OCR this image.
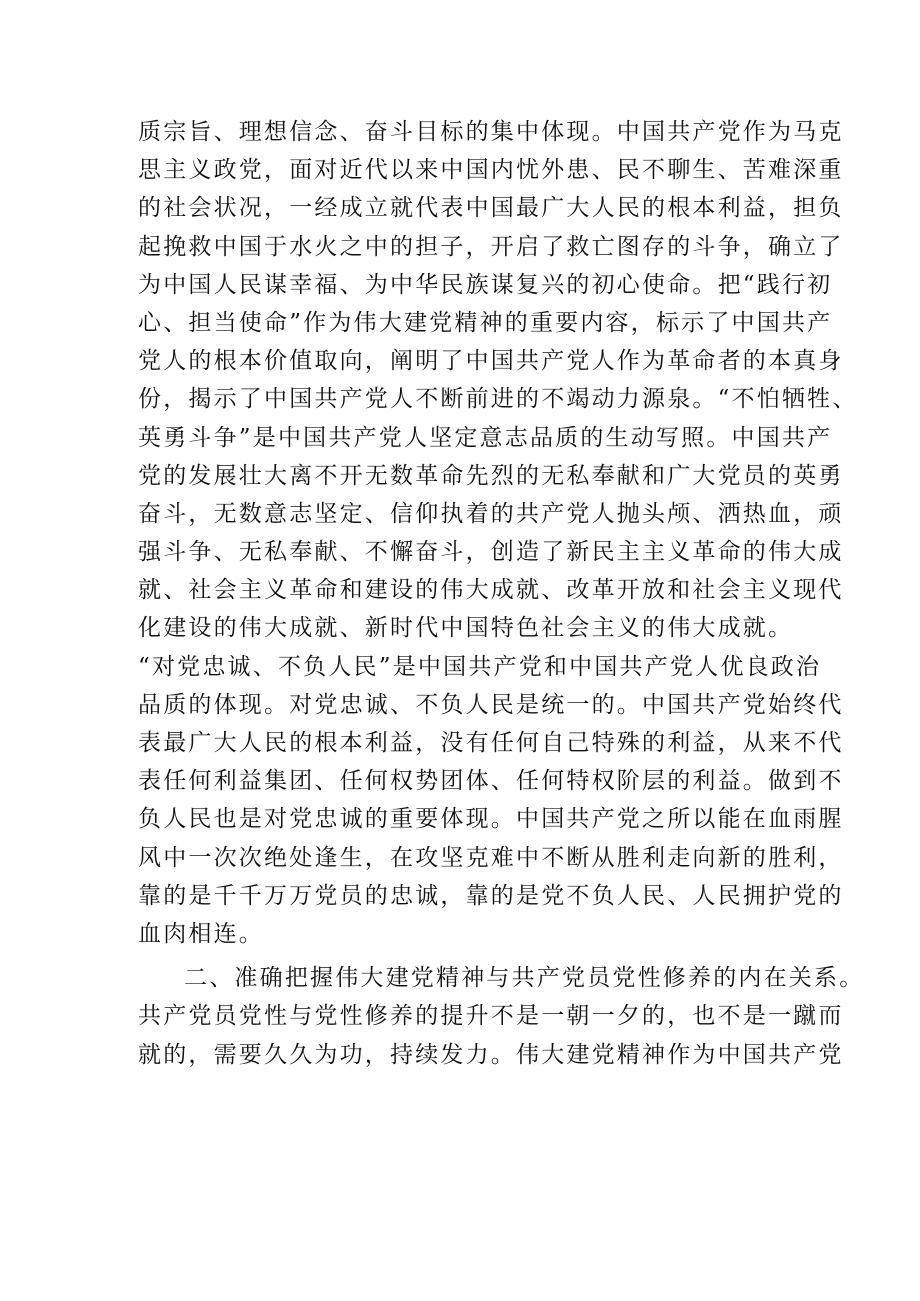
质宗旨、理想信念、奋斗目标的集中体现。中国共产党作为马克
思主义政党，面对近代以来中国内忧外患、民不聊生、苦难深重
的社会状况，一经成立就代表中国最广大人民的根本利益，担负
起挽救中国于水火之中的担子，开启了救亡图存的斗争，确立了
为中国人民谋幸福、为中华民族谋复兴的初心使命。把“践行初
心、担当使命”作为伟大建党精神的重要内容，标示了中国共产
党人的根本价值取向，阐明了中国共产党人作为革命者的本真身
份，揭示了中国共产党人不断前进的不竭动力源泉。“不怕牺牲、
英勇斗争”是中国共产党人坚定意志品质的生动写照。中国共产
党的发展壮大离不开无数革命先烈的无私奉献和广大党员的英勇
奋斗，无数意志坚定、信仰执着的共产党人抛头颅、洒热血，顽
强斗争、无私奉献、不懈奋斗，创造了新民主主义革命的伟大成
就、社会主义革命和建设的伟大成就、改革开放和社会主义现代
化建设的伟大成就、新时代中国特色社会主义的伟大成就。
“对党忠诚、不负人民”是中国共产党和中国共产党人优良政治
品质的体现。对党忠诚、不负人民是统一的。中国共产党始终代
表最广大人民的根本利益，没有任何自己特殊的利益，从来不代
表任何利益集团、任何权势团体、任何特权阶层的利益。做到不
负人民也是对党忠诚的重要体现。中国共产党之所以能在血雨腥
风中一次次绝处逢生，在攻坚克难中不断从胜利走向新的胜利，
靠的是千千万万党员的忠诚，靠的是党不负人民、人民拥护党的
血肉相连。
二、准确把握伟大建党精神与共产党员党性修养的内在关系。
共产党员党性与党性修养的提升不是一朝一夕的，也不是一蹴而
就的，需要久久为功，持续发力。伟大建党精神作为中国共产党
